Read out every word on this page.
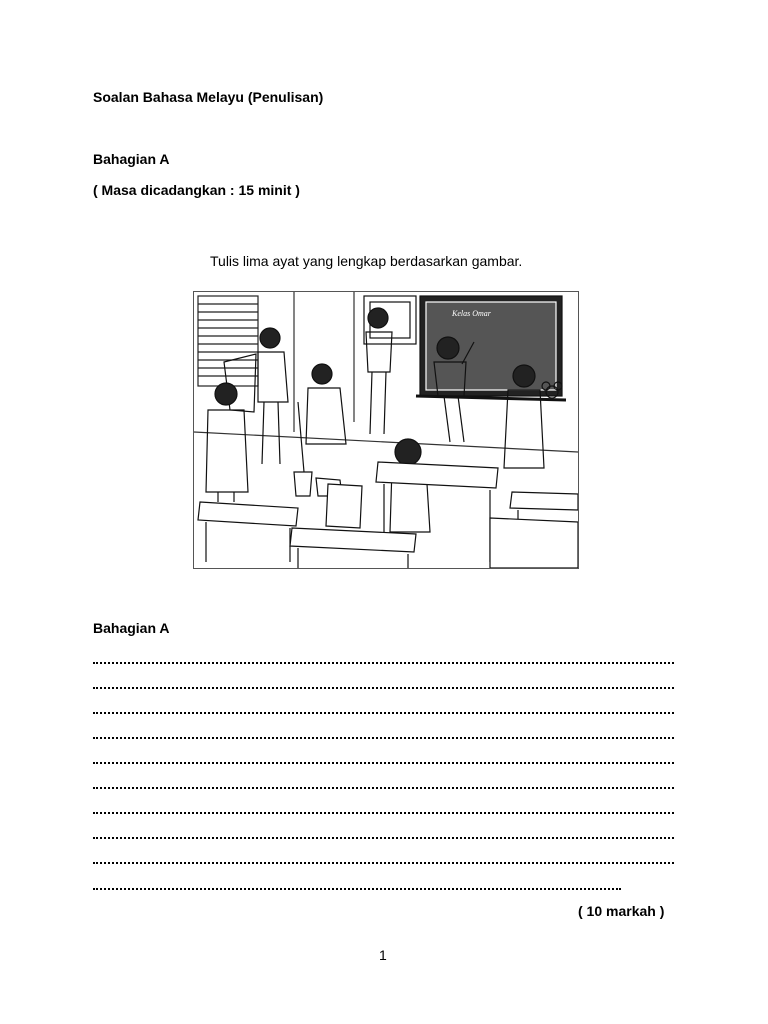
Soalan Bahasa Melayu (Penulisan)
Bahagian A
( Masa dicadangkan : 15 minit )
Tulis lima ayat yang lengkap berdasarkan gambar.
Kelas Omar
Bahagian A
( 10 markah )
1
